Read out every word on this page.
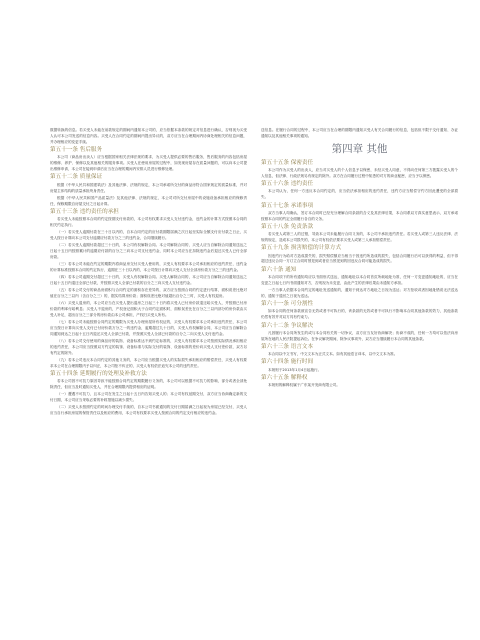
数据转换的信息。若买受人未能在前款规定的期间内通知本公司的，应当依据本条款的规定对信息进行确认，否则视为买受人认可本公司发送的信息内容。买受人在合同约定的期间内提出异议的，双方应当在合理期间内协商处理相关的信息问题，并办理相应的变更手续。

第五十一条 售后服务

本公司（商品房出卖人）应当根据国家相关法律法规的要求，为买受人提供必要的售后服务，售后服务的内容包括房屋的维修、养护、保修以及其他相关的服务事项。买受人在使用房屋的过程中，如发现房屋存在质量问题的，可以向本公司提出维修申请，本公司在接到申请后应当在合理的期间内安排人员进行维修处理。

第五十二条 质量保证

根据《中华人民共和国建筑法》及其他法律、法规的规定，本公司承诺所交付的商品房符合国家规定的质量标准，并对房屋主体结构的质量承担终身责任。

根据《中华人民共和国产品质量法》及其他法律、法规的规定，本公司对所交付房屋中的设施设备承担相应的保修责任，保修期限自房屋交付之日起计算。

第五十三条 违约责任的承担

若买受人未能按照本合同的约定按期支付房款的，本公司有权要求买受人支付违约金，违约金的计算方式按照本合同的相关约定执行。

（一）若买受人逾期付款在三十日以内的，自本合同约定的应付款期限届满之次日起至实际全额支付应付款之日止，买受人按日计算向本公司支付逾期应付款万分之三的违约金，合同继续履行。

（二）若买受人逾期付款超过三十日的，本公司有权解除合同。本公司解除合同的，买受人应当自解除合同通知送达之日起十五日内按照累计的逾期应付款的百分之三向本公司支付违约金，同时本公司应当在扣除违约金后退还买受人已付全部房款。

（三）若本公司未能在约定的期限内将商品房交付买受人使用的，买受人有权要求本公司承担相应的违约责任，违约金的计算标准按照本合同的约定执行，逾期在三十日以内的，本公司按日计算向买受人支付全部房价款万分之三的违约金。

（四）若本公司逾期交付超过三十日的，买受人有权解除合同。买受人解除合同的，本公司应当自解除合同通知送达之日起十五日内退还全部已付款，并按照买受人全部已付款的百分之三向买受人支付违约金。

（五）若本公司交付的商品房面积与合同约定的面积存在差异的，双方应当按照合同的约定进行结算，面积误差比绝对值在百分之三以内（含百分之三）的，据实结算房价款；面积误差比绝对值超出百分之三时，买受人有权退房。

（六）买受人退房的，本公司应当在买受人提出退房之日起三十日内将买受人已付房价款退还给买受人，并按照已付房价款的利率付给利息；买受人不退房的，产权登记面积大于合同约定面积时，面积误差比在百分之三以内部分的房价款由买受人补足，超出百分之三部分的房价款由本公司承担，产权归买受人所有。

（七）若本公司未能按照合同约定的期限为买受人办理房屋所有权证的，买受人有权要求本公司承担违约责任，本公司应当按日计算向买受人支付已付房价款万分之一的违约金，逾期超过九十日的，买受人有权解除合同，本公司应当自解除合同通知到达之日起十五日内退还买受人全部已付款，并按照买受人全部已付款的百分之二向买受人支付违约金。

（八）若本公司交付使用的商品房的装饰、设备标准达不到约定标准的，买受人有权要求本公司按照实际情况承担相应的违约责任，本公司应当按照双方约定的装饰、设备标准与实际交付的装饰、设备标准的差价向买受人支付差价款，双方另有约定的除外。

（九）若本公司违反本合同约定的其他义务的，本公司应当根据买受人的实际损失承担相应的赔偿责任，买受人有权要求本公司在合理期限内予以纠正，本公司拒不纠正的，买受人有权依法追究本公司的违约责任。

第五十四条 延期履行的处理及补救方法

若本公司因不可抗力原因导致不能按照合同约定的期限履行义务的，本公司可以根据不可抗力的影响，部分或者全部免除责任，但应当及时通知买受人，并在合理期限内提供相应的证明。

（一）遭遇不可抗力，且本公司在发生之日起十五日内告知买受人的；本公司有权延期交付，双方应当协商确定新的交付日期，本公司应当采取必要的补救措施以减少损失。

（二）买受人未按照约定的时间办理交付手续的，自本公司书面通知的交付日期届满之日起视为房屋已经交付，买受人应当自行承担房屋的保管责任以及相应的费用，本公司有权要求买受人按照合同的约定支付相应的违约金。

送信息。在履行合同的过程中，本公司应当在合理的期限内通知买受人有关合同履行的信息，包括但不限于交付通知、办证通知以及其他相关事项的通知。

第四章 其他
第五十五条 保密责任

本公司作为买受人的出卖人，应当对买受人的个人信息予以保密，未经买受人同意，不得向任何第三方披露买受人的个人信息，但法律、行政法规另有规定的除外。双方在合同履行过程中知悉的对方的商业秘密，应当予以保密。

第五十六条 违约责任

本公司认为，任何一方违反本合同约定的，应当依法承担相应的违约责任，违约方应当赔偿守约方因此遭受的全部损失。

第五十七条 承诺事项

双方当事人均确认，签订本合同时已经充分理解合同条款的含义及其法律后果，本合同系双方真实意思表示，双方承诺按照本合同的约定全面履行各自的义务。

第五十八条 免责条款

若买受人或第三人的过错，导致本公司未能履行合同义务的，本公司不承担违约责任。若买受人或第三人违反法律、法规的规定，造成本公司损失的，本公司有权依法要求买受人或第三人承担赔偿责任。

第五十九条 损害赔偿的计算方式

因违约行为给对方造成损失的，损失赔偿额应当相当于因违约所造成的损失，包括合同履行后可以获得的利益，但不得超过违反合同一方订立合同时预见到或者应当预见到的因违反合同可能造成的损失。

第六十条 通知

本合同项下的所有通知均应以书面形式送达，通知地址以本合同首页所载地址为准，任何一方变更通知地址的，应当在变更之日起七日内书面通知对方，否则视为未变更，由此产生的法律后果由未通知方承担。

一方当事人依据本合同约定的地址发送通知的，通知于到达对方地址之日视为送达；对方拒收或者因地址错误无法送达的，通知于退回之日视为送达。

第六十一条 可分割性

如本合同的任何条款被宣告无效或者不可执行的，该条款的无效或者不可执行不影响本合同其他条款的效力，其他条款仍然有效并对双方具有约束力。

第六十二条 争议解决

凡因履行本合同所发生的或与本合同有关的一切争议，双方应当友好协商解决；协商不成的，任何一方均可以依法向房屋所在地的人民法院提起诉讼。在争议解决期间，除争议事项外，双方应当继续履行本合同的其他条款。

第六十三条 语言文本

本合同以中文书写，中文文本为正式文本。如有其他语言译本，以中文文本为准。

第六十四条 施行时间

本规则于2013年1月4日起施行。

第六十五条 解释权

本规则的解释权属于广东某开发商有限公司。
